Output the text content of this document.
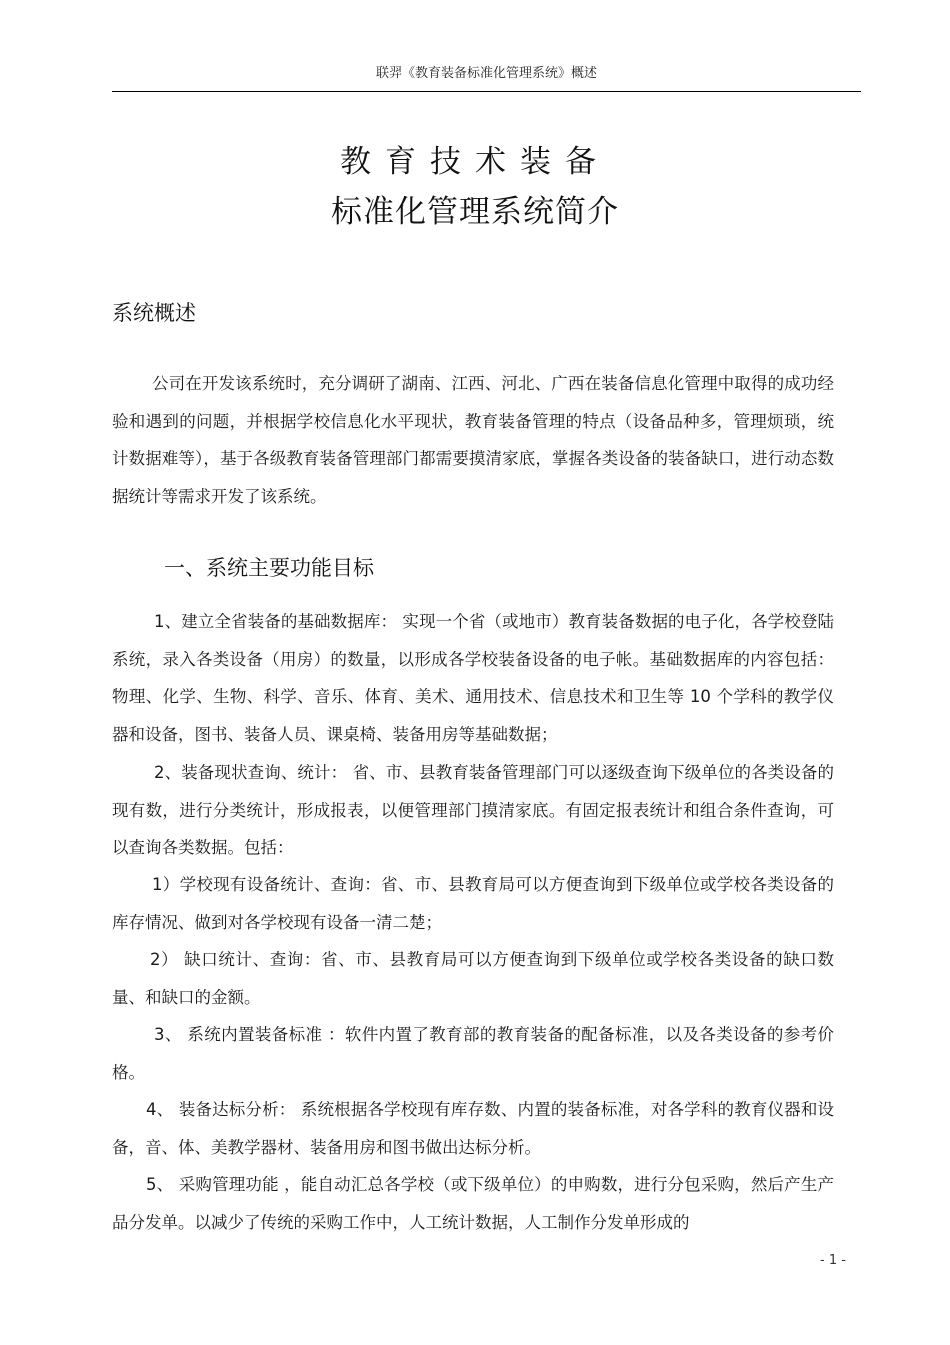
联羿《教育装备标准化管理系统》概述
教育技术装备
标准化管理系统简介
系统概述

公司在开发该系统时，充分调研了湖南、江西、河北、广西在装备信息化管理中取得的成功经验和遇到的问题，并根据学校信息化水平现状，教育装备管理的特点（设备品种多，管理烦琐，统计数据难等），基于各级教育装备管理部门都需要摸清家底，掌握各类设备的装备缺口，进行动态数据统计等需求开发了该系统。

一、系统主要功能目标

1、建立全省装备的基础数据库： 实现一个省（或地市）教育装备数据的电子化，各学校登陆系统，录入各类设备（用房）的数量，以形成各学校装备设备的电子帐。基础数据库的内容包括：物理、化学、生物、科学、音乐、体育、美术、通用技术、信息技术和卫生等 10 个学科的教学仪器和设备，图书、装备人员、课桌椅、装备用房等基础数据；

2、装备现状查询、统计： 省、市、县教育装备管理部门可以逐级查询下级单位的各类设备的现有数，进行分类统计，形成报表，以便管理部门摸清家底。有固定报表统计和组合条件查询，可以查询各类数据。包括：

1）学校现有设备统计、查询：省、市、县教育局可以方便查询到下级单位或学校各类设备的库存情况、做到对各学校现有设备一清二楚；

2） 缺口统计、查询：省、市、县教育局可以方便查询到下级单位或学校各类设备的缺口数量、和缺口的金额。

3、 系统内置装备标准 ：软件内置了教育部的教育装备的配备标准，以及各类设备的参考价格。

4、 装备达标分析： 系统根据各学校现有库存数、内置的装备标准，对各学科的教育仪器和设备，音、体、美教学器材、装备用房和图书做出达标分析。

5、 采购管理功能 ，能自动汇总各学校（或下级单位）的申购数，进行分包采购，然后产生产品分发单。以减少了传统的采购工作中，人工统计数据，人工制作分发单形成的

- 1 -
